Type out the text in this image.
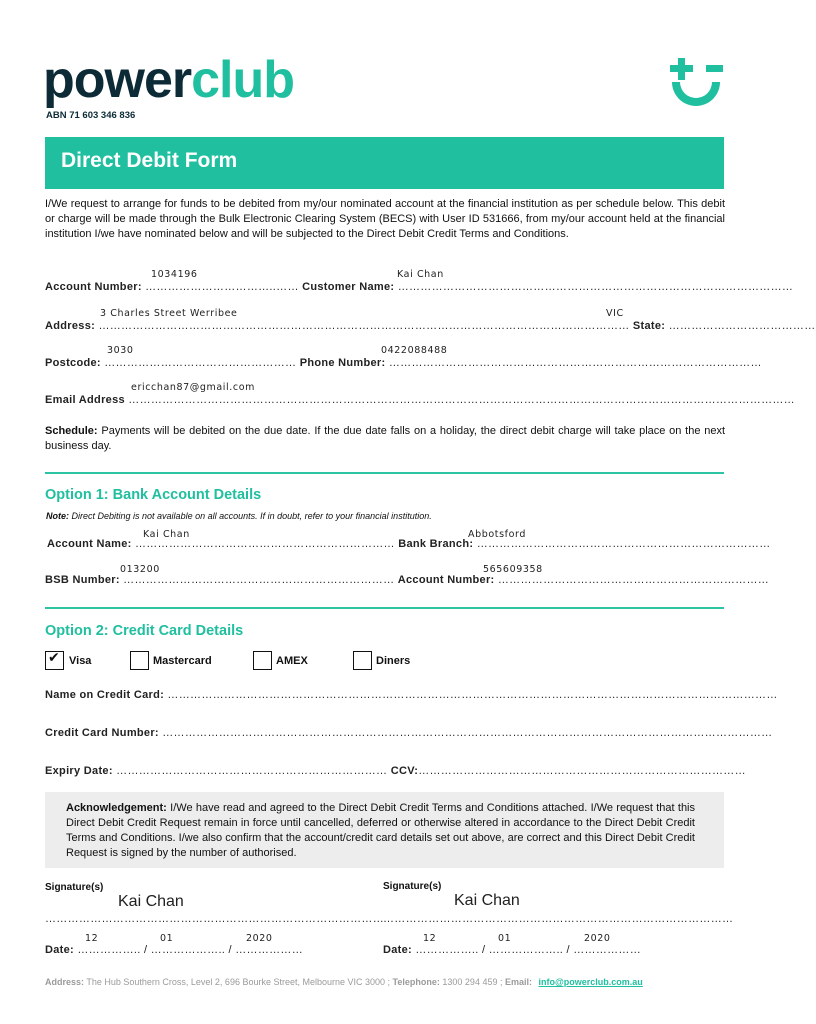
powerclub
ABN 71 603 346 836
Direct Debit Form
I/We request to arrange for funds to be debited from my/our nominated account at the financial institution as per schedule below. This debit or charge will be made through the Bulk Electronic Clearing System (BECS) with User ID 531666, from my/our account held at the financial institution I/we have nominated below and will be subjected to the Direct Debit Credit Terms and Conditions.
1034196	Kai Chan
Account Number: ……………………………..…… Customer Name: ……………………………………………………………………………………………
3 Charles Street Werribee	VIC
Address: …………………………………………………………………………………………………………………………… State: …………………………………
3030	0422088488
Postcode: …………………………………………… Phone Number: ………………………………………………………………………………………
ericchan87@gmail.com
Email Address ……………………………………………………………………………………………………………………………………………………………
Schedule: Payments will be debited on the due date. If the due date falls on a holiday, the direct debit charge will take place on the next business day.
Option 1: Bank Account Details
Note: Direct Debiting is not available on all accounts. If in doubt, refer to your financial institution.
Kai Chan	Abbotsford
Account Name: …………………………………………………………… Bank Branch: ……………………………………………………………………
013200	565609358
BSB Number: ……………………………………………………………… Account Number: ………………………………………………………………
Option 2: Credit Card Details
✔ Visa	Mastercard	AMEX	Diners
Name on Credit Card: ………………………………………………………………………………………………………………………………………………
Credit Card Number: ………………………………………………………………………………………………………………………………………………
Expiry Date: ……………………………………………………………… CCV:……………………………………………………………………………
Acknowledgement: I/We have read and agreed to the Direct Debit Credit Terms and Conditions attached. I/We request that this Direct Debit Credit Request remain in force until cancelled, deferred or otherwise altered in accordance to the Direct Debit Credit Terms and Conditions. I/we also confirm that the account/credit card details set out above, are correct and this Direct Debit Credit Request is signed by the number of authorised.
Signature(s)
Kai Chan
………………………………………………………………………………
Signature(s)
Kai Chan
…………………………………………………………………………………
12	01	2020
Date: …………….. / ……………….. / ………………
12	01	2020
Date: …………….. / ……………….. / ………………
Address: The Hub Southern Cross, Level 2, 696 Bourke Street, Melbourne VIC 3000 ; Telephone: 1300 294 459 ; Email: info@powerclub.com.au
